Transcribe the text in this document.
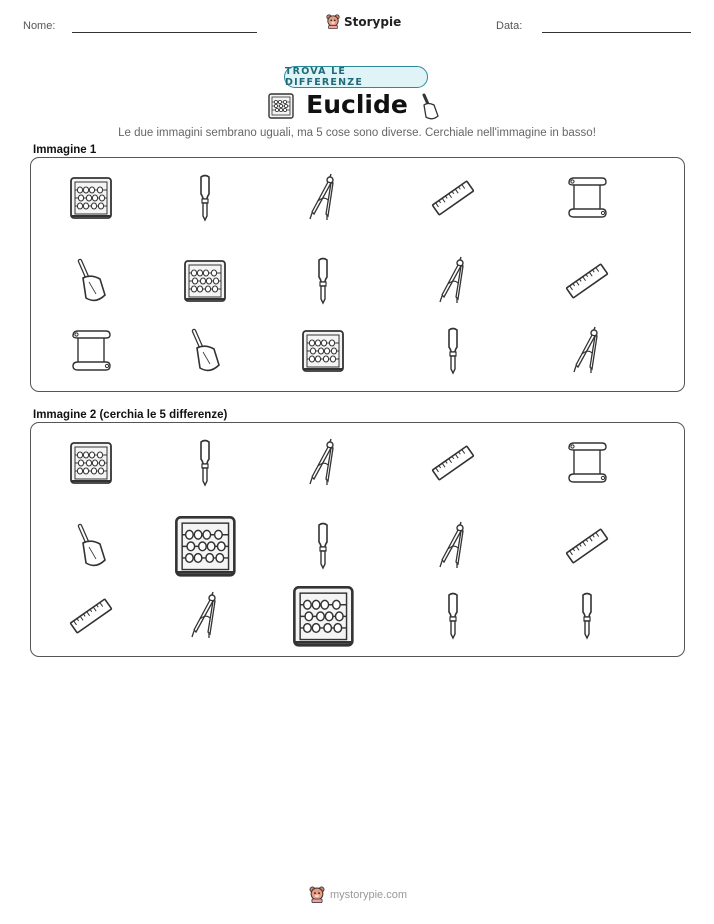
Nome:	Storypie	Data:
TROVA LE DIFFERENZE
Euclide
Le due immagini sembrano uguali, ma 5 cose sono diverse. Cerchiale nell'immagine in basso!
Immagine 1
Immagine 2 (cerchia le 5 differenze)
mystorypie.com
